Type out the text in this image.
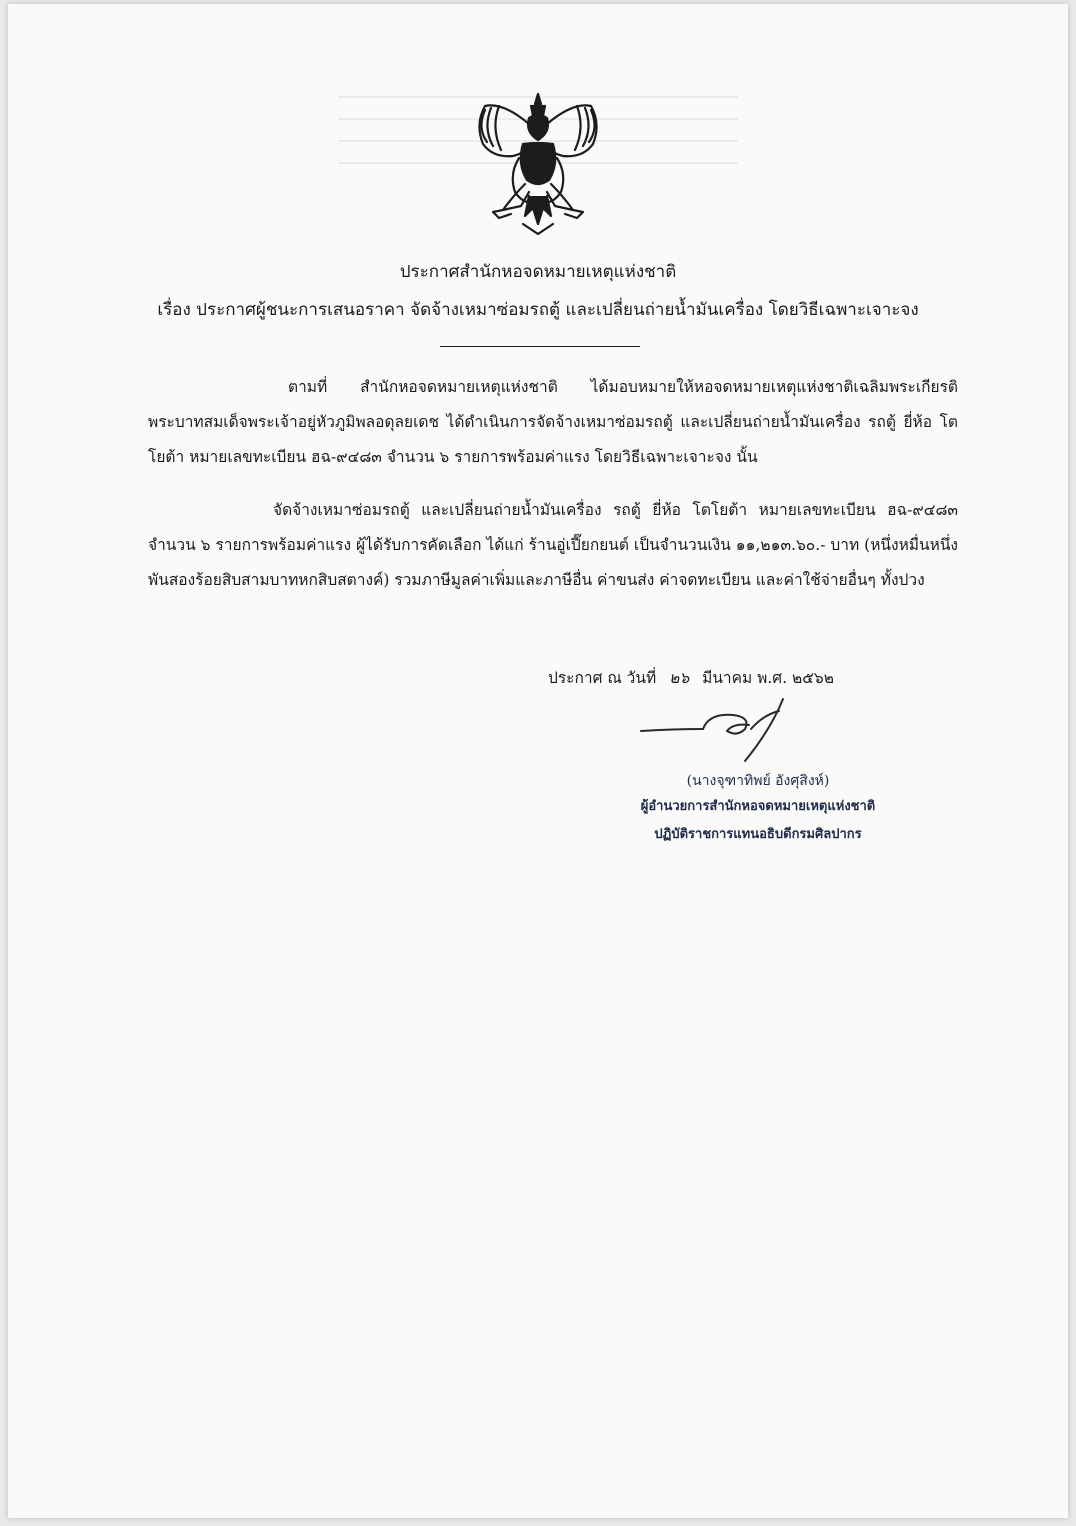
ประกาศสำนักหอจดหมายเหตุแห่งชาติ
เรื่อง ประกาศผู้ชนะการเสนอราคา จัดจ้างเหมาซ่อมรถตู้ และเปลี่ยนถ่ายน้ำมันเครื่อง โดยวิธีเฉพาะเจาะจง
ตามที่ สำนักหอจดหมายเหตุแห่งชาติ ได้มอบหมายให้หอจดหมายเหตุแห่งชาติเฉลิมพระเกียรติ พระบาทสมเด็จพระเจ้าอยู่หัวภูมิพลอดุลยเดช ได้ดำเนินการจัดจ้างเหมาซ่อมรถตู้ และเปลี่ยนถ่ายน้ำมันเครื่อง รถตู้ ยี่ห้อ โตโยต้า หมายเลขทะเบียน ฮฉ-๙๔๘๓ จำนวน ๖ รายการพร้อมค่าแรง โดยวิธีเฉพาะเจาะจง นั้น
จัดจ้างเหมาซ่อมรถตู้ และเปลี่ยนถ่ายน้ำมันเครื่อง รถตู้ ยี่ห้อ โตโยต้า หมายเลขทะเบียน ฮฉ-๙๔๘๓ จำนวน ๖ รายการพร้อมค่าแรง ผู้ได้รับการคัดเลือก ได้แก่ ร้านอู่เปี๊ยกยนต์ เป็นจำนวนเงิน ๑๑,๒๑๓.๖๐.- บาท (หนึ่งหมื่นหนึ่งพันสองร้อยสิบสามบาทหกสิบสตางค์) รวมภาษีมูลค่าเพิ่มและภาษีอื่น ค่าขนส่ง ค่าจดทะเบียน และค่าใช้จ่ายอื่นๆ ทั้งปวง
ประกาศ ณ วันที่ ๒๖ มีนาคม พ.ศ. ๒๕๖๒
(นางจุฑาทิพย์ อังศุสิงห์)
ผู้อำนวยการสำนักหอจดหมายเหตุแห่งชาติ
ปฏิบัติราชการแทนอธิบดีกรมศิลปากร
